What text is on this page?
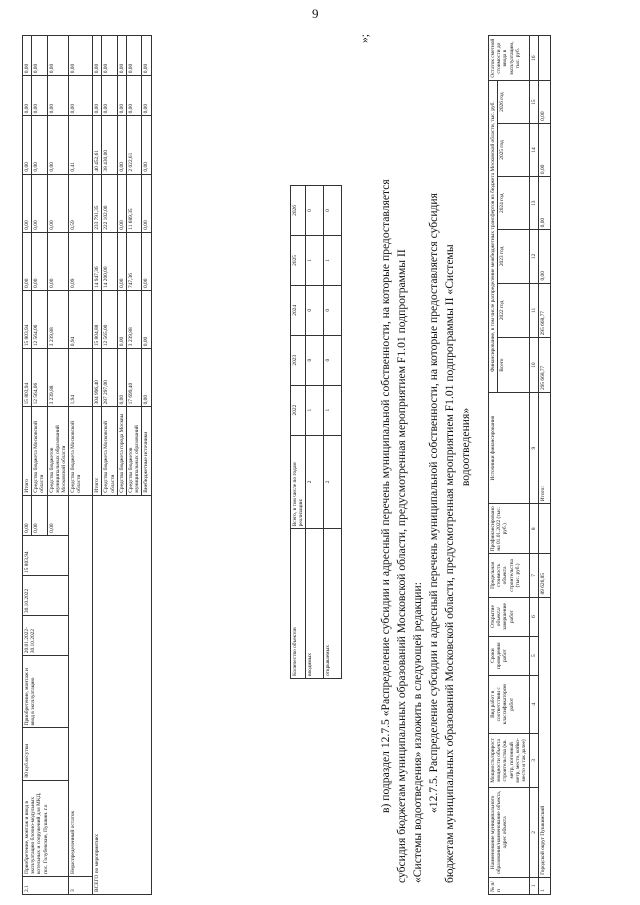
9
2.1	Приобретение, монтаж и ввод в эксплуатацию блочно-модульных котельных и сооружений для МКД, пос. Голубевские, Пушкин. г.о	80 куб.м/сутки	Приобретение, монтаж и ввод в эксплуатацию	20.01.2022-30.10.2022	30.10.2022	15 803,94	0,00	Итого	15 803,94	15 803,94	0,00	0,00	0,00	0,00	0,00
							0,00	Средства бюджета Московской области	12 564,06	12 564,06	0,00	0,00	0,00	0,00	0,00
							0,00	Средства бюджетов муниципальных образований Московской области	3 239,88	3 239,88	0,00	0,00	0,00	0,00	0,00
3	Нераспределенный остаток							Средства бюджета Московской области	1,94	0,94	0,09	0,59	0,41	0,00	0,00
ВСЕГО по мероприятию:								Итого:	304 996,40	15 804,88	14 947,36	233 791,35	40 452,61	0,00	0,00
								Средства бюджета Московской области	287 297,00	12 565,00	14 200,00	222 102,00	38 430,00	0,00	0,00
								Средства бюджета города Москвы	0,00	0,00	0,00	0,00	0,00	0,00	0,00
								Средства бюджетов муниципальных образований	17 699,40	3 239,88	747,36	11 689,35	2 022,61	0,00	0,00
								Внебюджетные источники	0,00	0,00	0,00	0,00	0,00	0,00	0,00
Количество объектов	Всего, в том числе по годам реализации:	2022	2023	2024	2025	2026
вводимых	2	1	0	0	1	0
открываемых	2	1	0	0	1	0
»;
в) подраздел 12.7.5 «Распределение субсидии и адресный перечень муниципальной собственности, на которые предоставляется субсидия бюджетам муниципальных образований Московской области, предусмотренная мероприятием F1.01 подпрограммы II «Системы водоотведения» изложить в следующей редакции: «12.7.5. Распределение субсидии и адресный перечень муниципальной собственности, на которые предоставляется субсидия бюджетам муниципальных образований Московской области, предусмотренная мероприятием F1.01 подпрограммы II «Системы водоотведения»
№ п/п	Наименование муниципального образования/наименование объекта, адрес объекта	Мощность/прирост мощности объекта строительства (кв. метр, погонный метр, место, койко-место и так далее)	Вид работ в соответствии с классификатором работ	Сроки проведения работ	Открытие объекта/завершение работ	Предельная стоимость объекта строительства (тыс. руб.)	Профинансировано на 01.01.2022 (тыс. руб.)	Источники финансирования	Финансирование, в том числе распределение межбюджетных трансфертов из бюджета Московской области, тыс. руб.						Остаток сметной стоимости до ввода в эксплуатацию, тыс. руб.
									Всего	2022 год	2023 год	2024 год	2025 год	2026 год	
1	2	3	4	5	6	7	8	9	10	11	12	13	14	15	16
1	Городской округ Пушкинский					89 626,85		Итого:	295 668,77	295 668,77	0,00	0,00	0,00	0,00	
